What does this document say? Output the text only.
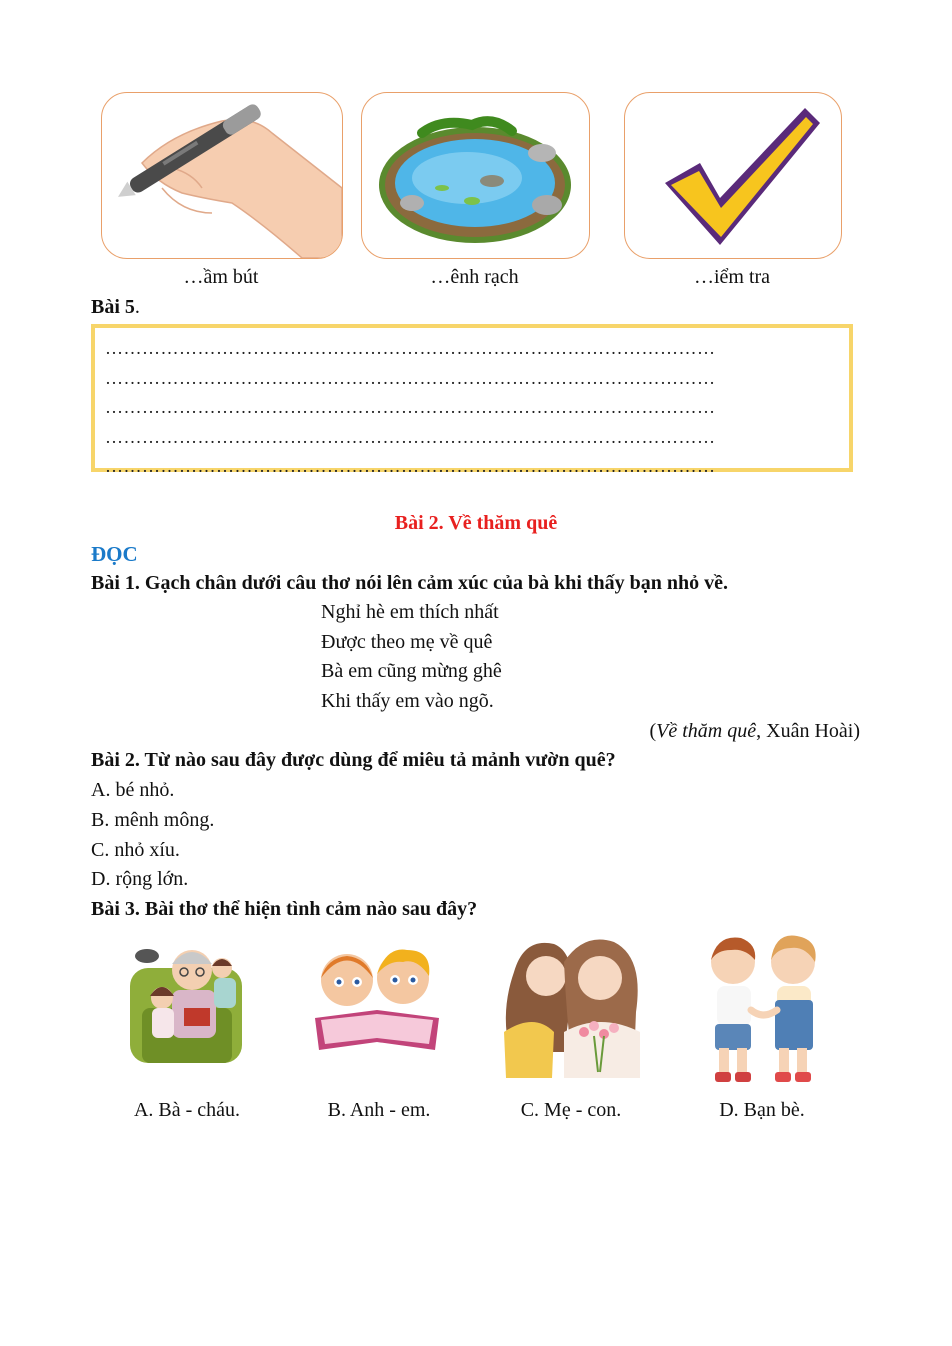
…ầm bút	…ênh rạch	…iểm tra
Bài 5.
………………………………………………………………………………………
………………………………………………………………………………………
………………………………………………………………………………………
………………………………………………………………………………………
………………………………………………………………………………………
Bài 2. Về thăm quê
ĐỌC
Bài 1. Gạch chân dưới câu thơ nói lên cảm xúc của bà khi thấy bạn nhỏ về.
Nghỉ hè em thích nhất
Được theo mẹ về quê
Bà em cũng mừng ghê
Khi thấy em vào ngõ.
(Về thăm quê, Xuân Hoài)
Bài 2. Từ nào sau đây được dùng để miêu tả mảnh vườn quê?
A. bé nhỏ.
B. mênh mông.
C. nhỏ xíu.
D. rộng lớn.
Bài 3. Bài thơ thể hiện tình cảm nào sau đây?
A. Bà - cháu.	B. Anh - em.	C. Mẹ - con.	D. Bạn bè.
